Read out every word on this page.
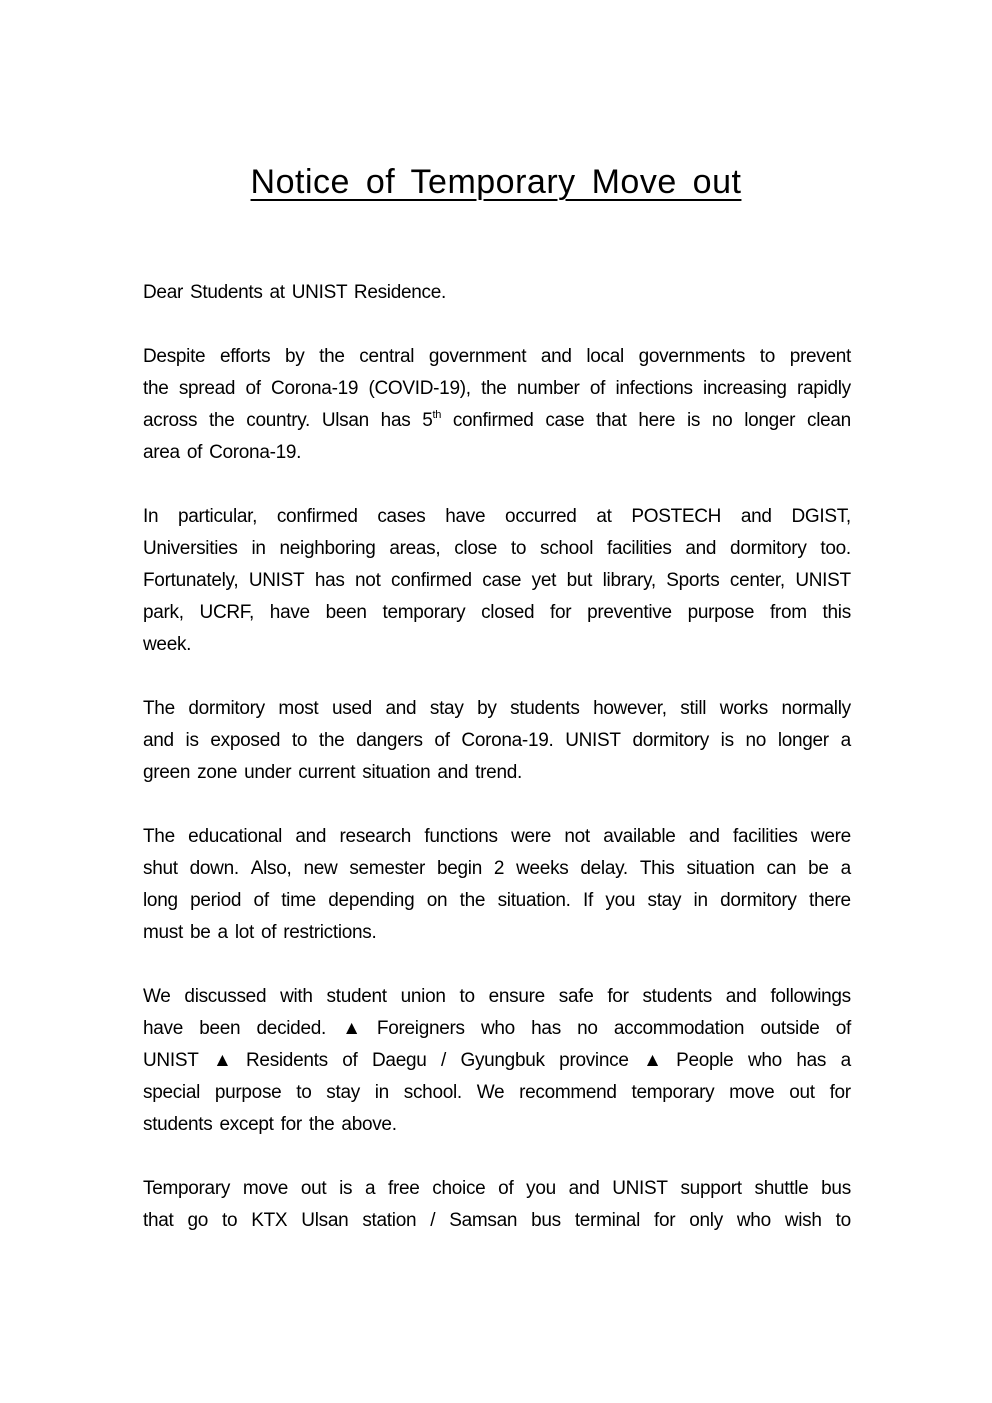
Notice of Temporary Move out
Dear Students at UNIST Residence.
Despite efforts by the central government and local governments to prevent
the spread of Corona-19 (COVID-19), the number of infections increasing rapidly
across the country. Ulsan has 5th confirmed case that here is no longer clean
area of Corona-19.
In particular, confirmed cases have occurred at POSTECH and DGIST,
Universities in neighboring areas, close to school facilities and dormitory too.
Fortunately, UNIST has not confirmed case yet but library, Sports center, UNIST
park, UCRF, have been temporary closed for preventive purpose from this
week.
The dormitory most used and stay by students however, still works normally
and is exposed to the dangers of Corona-19. UNIST dormitory is no longer a
green zone under current situation and trend.
The educational and research functions were not available and facilities were
shut down. Also, new semester begin 2 weeks delay. This situation can be a
long period of time depending on the situation. If you stay in dormitory there
must be a lot of restrictions.
We discussed with student union to ensure safe for students and followings
have been decided. ▲ Foreigners who has no accommodation outside of
UNIST ▲ Residents of Daegu / Gyungbuk province ▲ People who has a
special purpose to stay in school. We recommend temporary move out for
students except for the above.
Temporary move out is a free choice of you and UNIST support shuttle bus
that go to KTX Ulsan station / Samsan bus terminal for only who wish to
